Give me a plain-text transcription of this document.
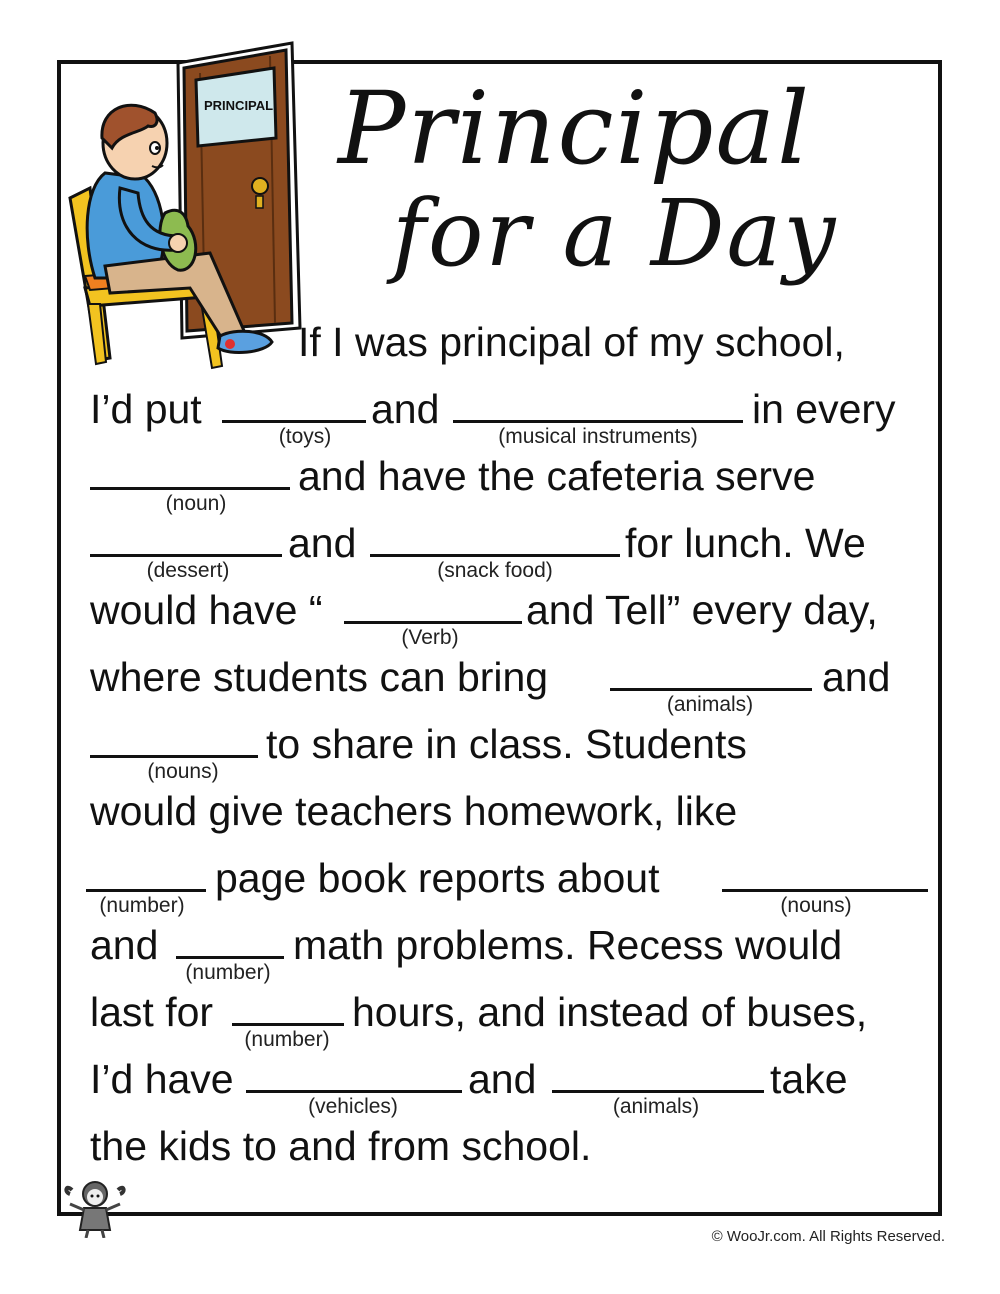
PRINCIPAL Principal
for a Day
If I was principal of my school,
I’d put
(toys)
and
(musical instruments)
in every
(noun)
and have the cafeteria serve
(dessert)
and
(snack food)
for lunch. We
would have “
(Verb)
and Tell” every day,
where students can bring
(animals)
and
(nouns)
to share in class. Students
would give teachers homework, like
(number)
page book reports about
(nouns)
and
(number)
math problems. Recess would
last for
(number)
hours, and instead of buses,
I’d have
(vehicles)
and
(animals)
take
the kids to and from school.
© WooJr.com. All Rights Reserved.
